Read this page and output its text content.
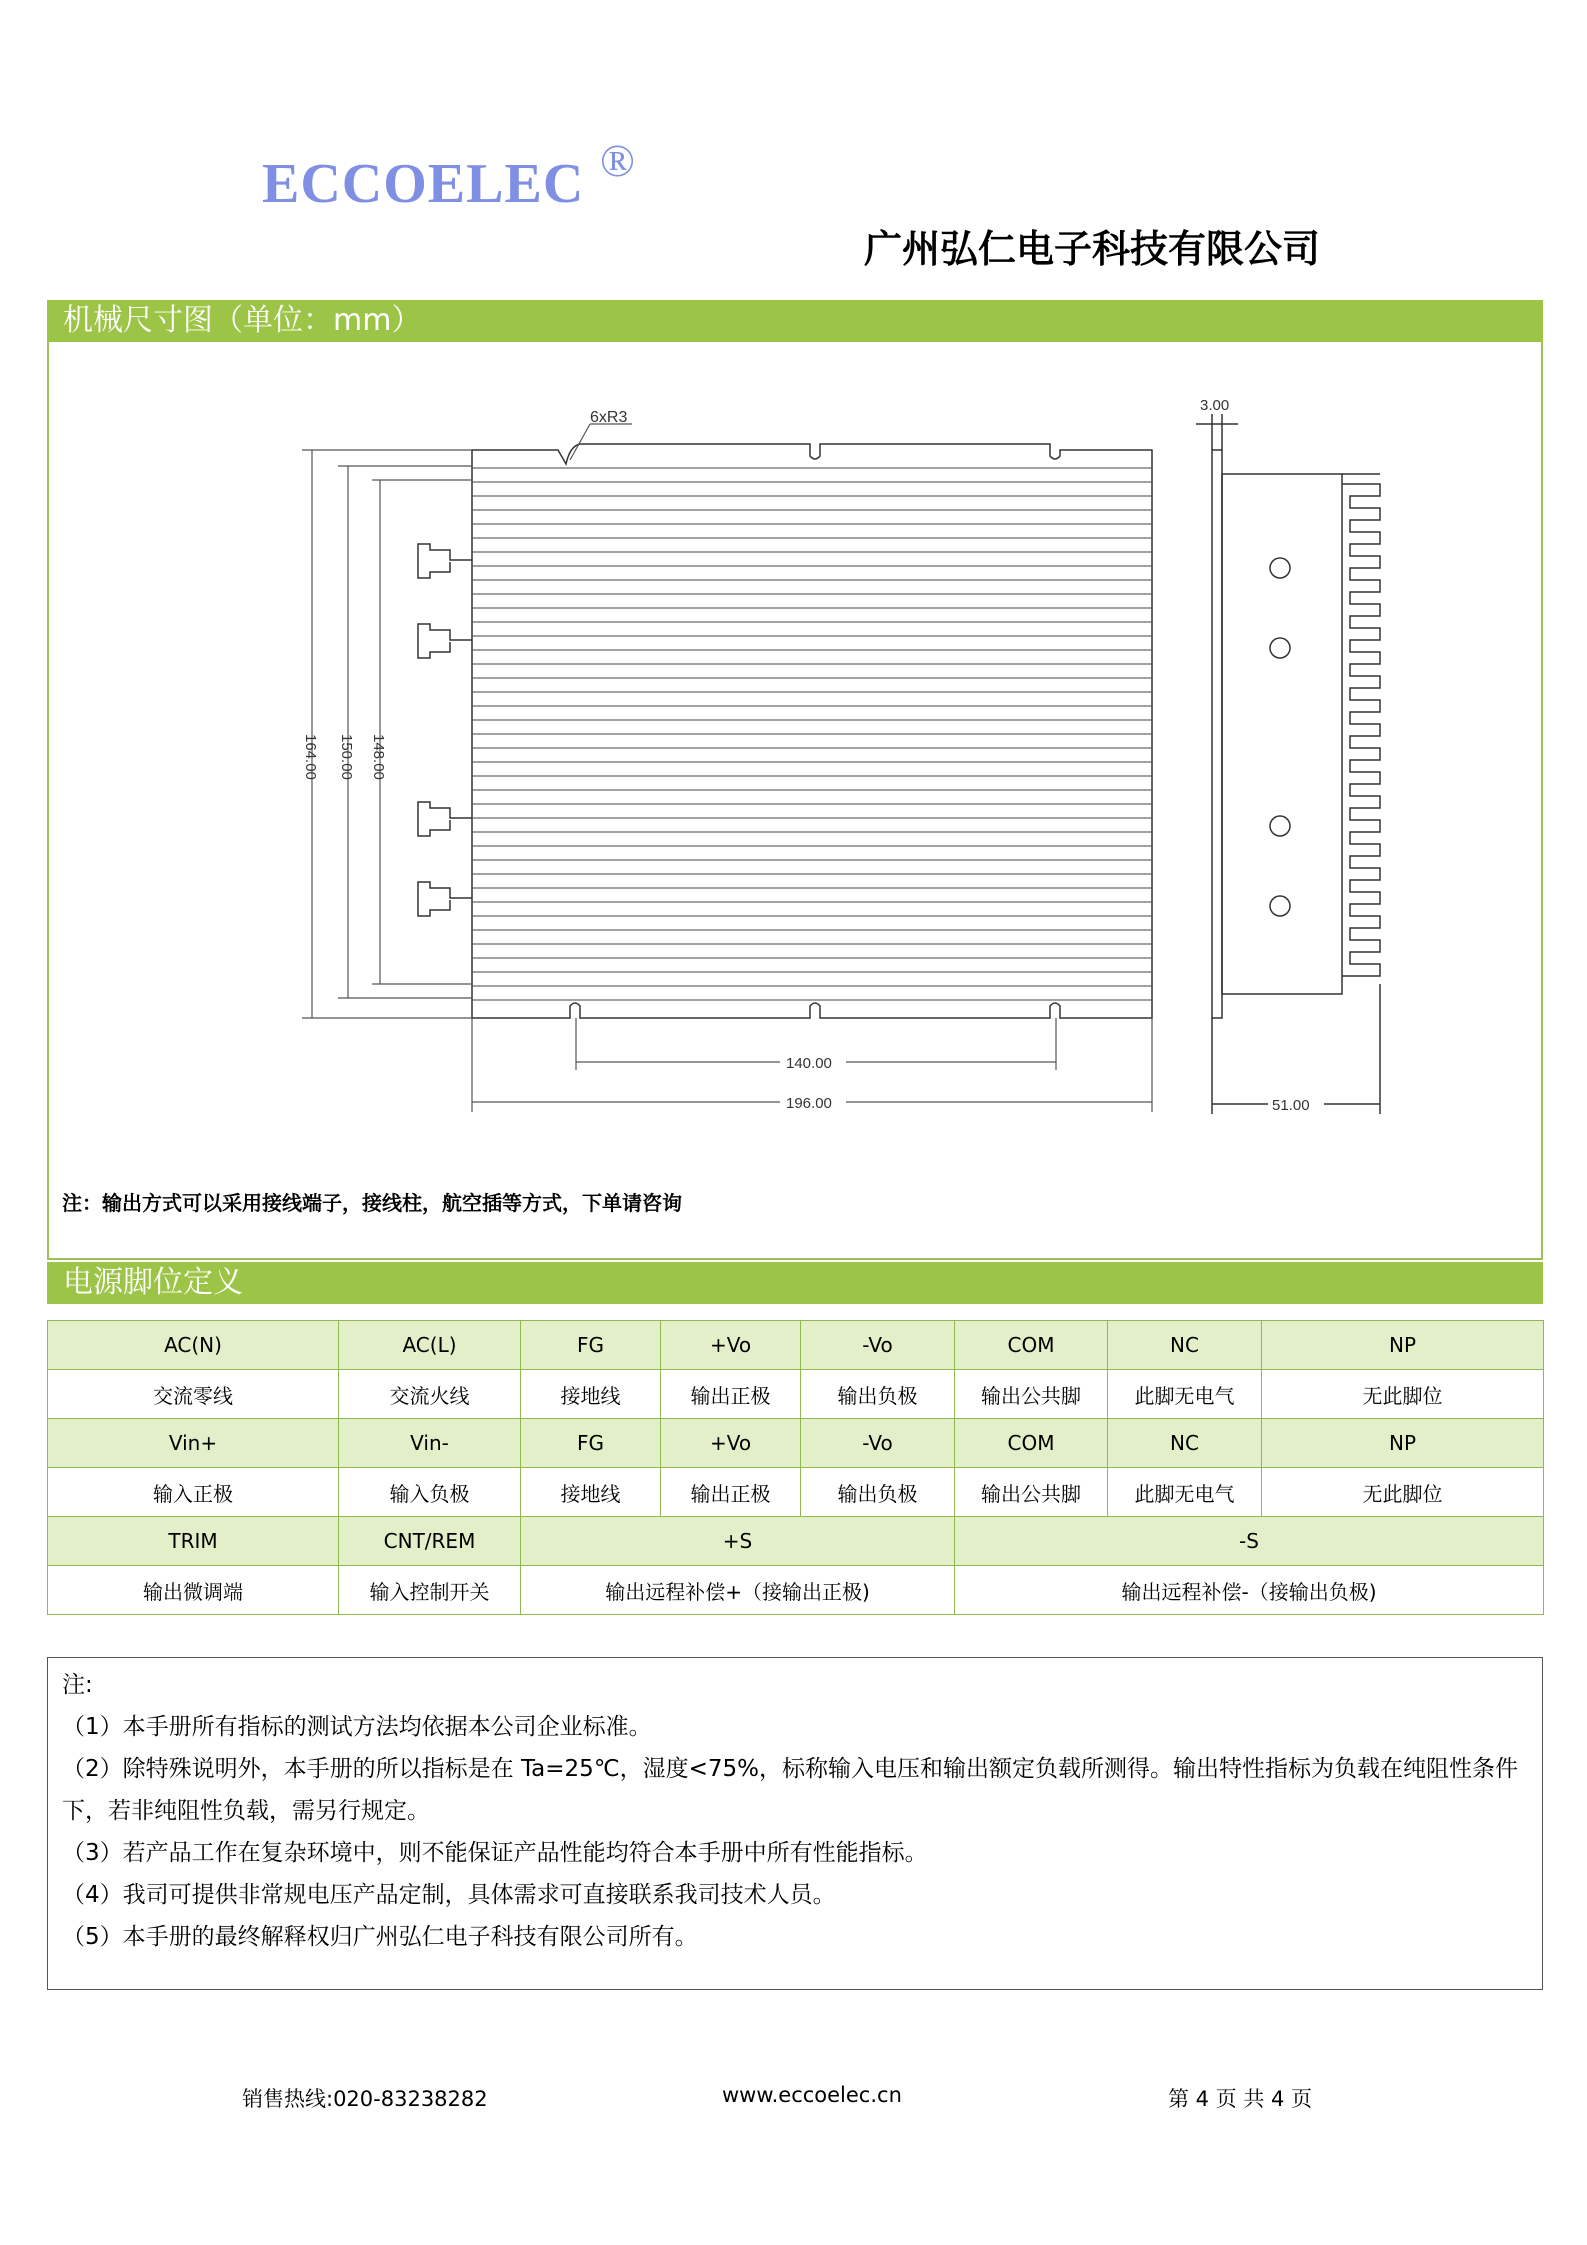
ECCOELEC ®
广州弘仁电子科技有限公司
机械尺寸图（单位：mm）
164.00 150.00 148.00
6xR3
140.00
196.00
3.00
51.00
注：输出方式可以采用接线端子，接线柱，航空插等方式，下单请咨询
电源脚位定义
AC(N)	AC(L)	FG	+Vo	-Vo	COM	NC	NP
交流零线	交流火线	接地线	输出正极	输出负极	输出公共脚	此脚无电气	无此脚位
Vin+	Vin-	FG	+Vo	-Vo	COM	NC	NP
输入正极	输入负极	接地线	输出正极	输出负极	输出公共脚	此脚无电气	无此脚位
TRIM	CNT/REM	+S			-S		
输出微调端	输入控制开关	输出远程补偿+（接输出正极)			输出远程补偿-（接输出负极)		
注:
（1）本手册所有指标的测试方法均依据本公司企业标准。
（2）除特殊说明外，本手册的所以指标是在 Ta=25℃，湿度<75%，标称输入电压和输出额定负载所测得。输出特性指标为负载在纯阻性条件下，若非纯阻性负载，需另行规定。
（3）若产品工作在复杂环境中，则不能保证产品性能均符合本手册中所有性能指标。
（4）我司可提供非常规电压产品定制，具体需求可直接联系我司技术人员。
（5）本手册的最终解释权归广州弘仁电子科技有限公司所有。
销售热线:020-83238282	www.eccoelec.cn	第 4 页 共 4 页
